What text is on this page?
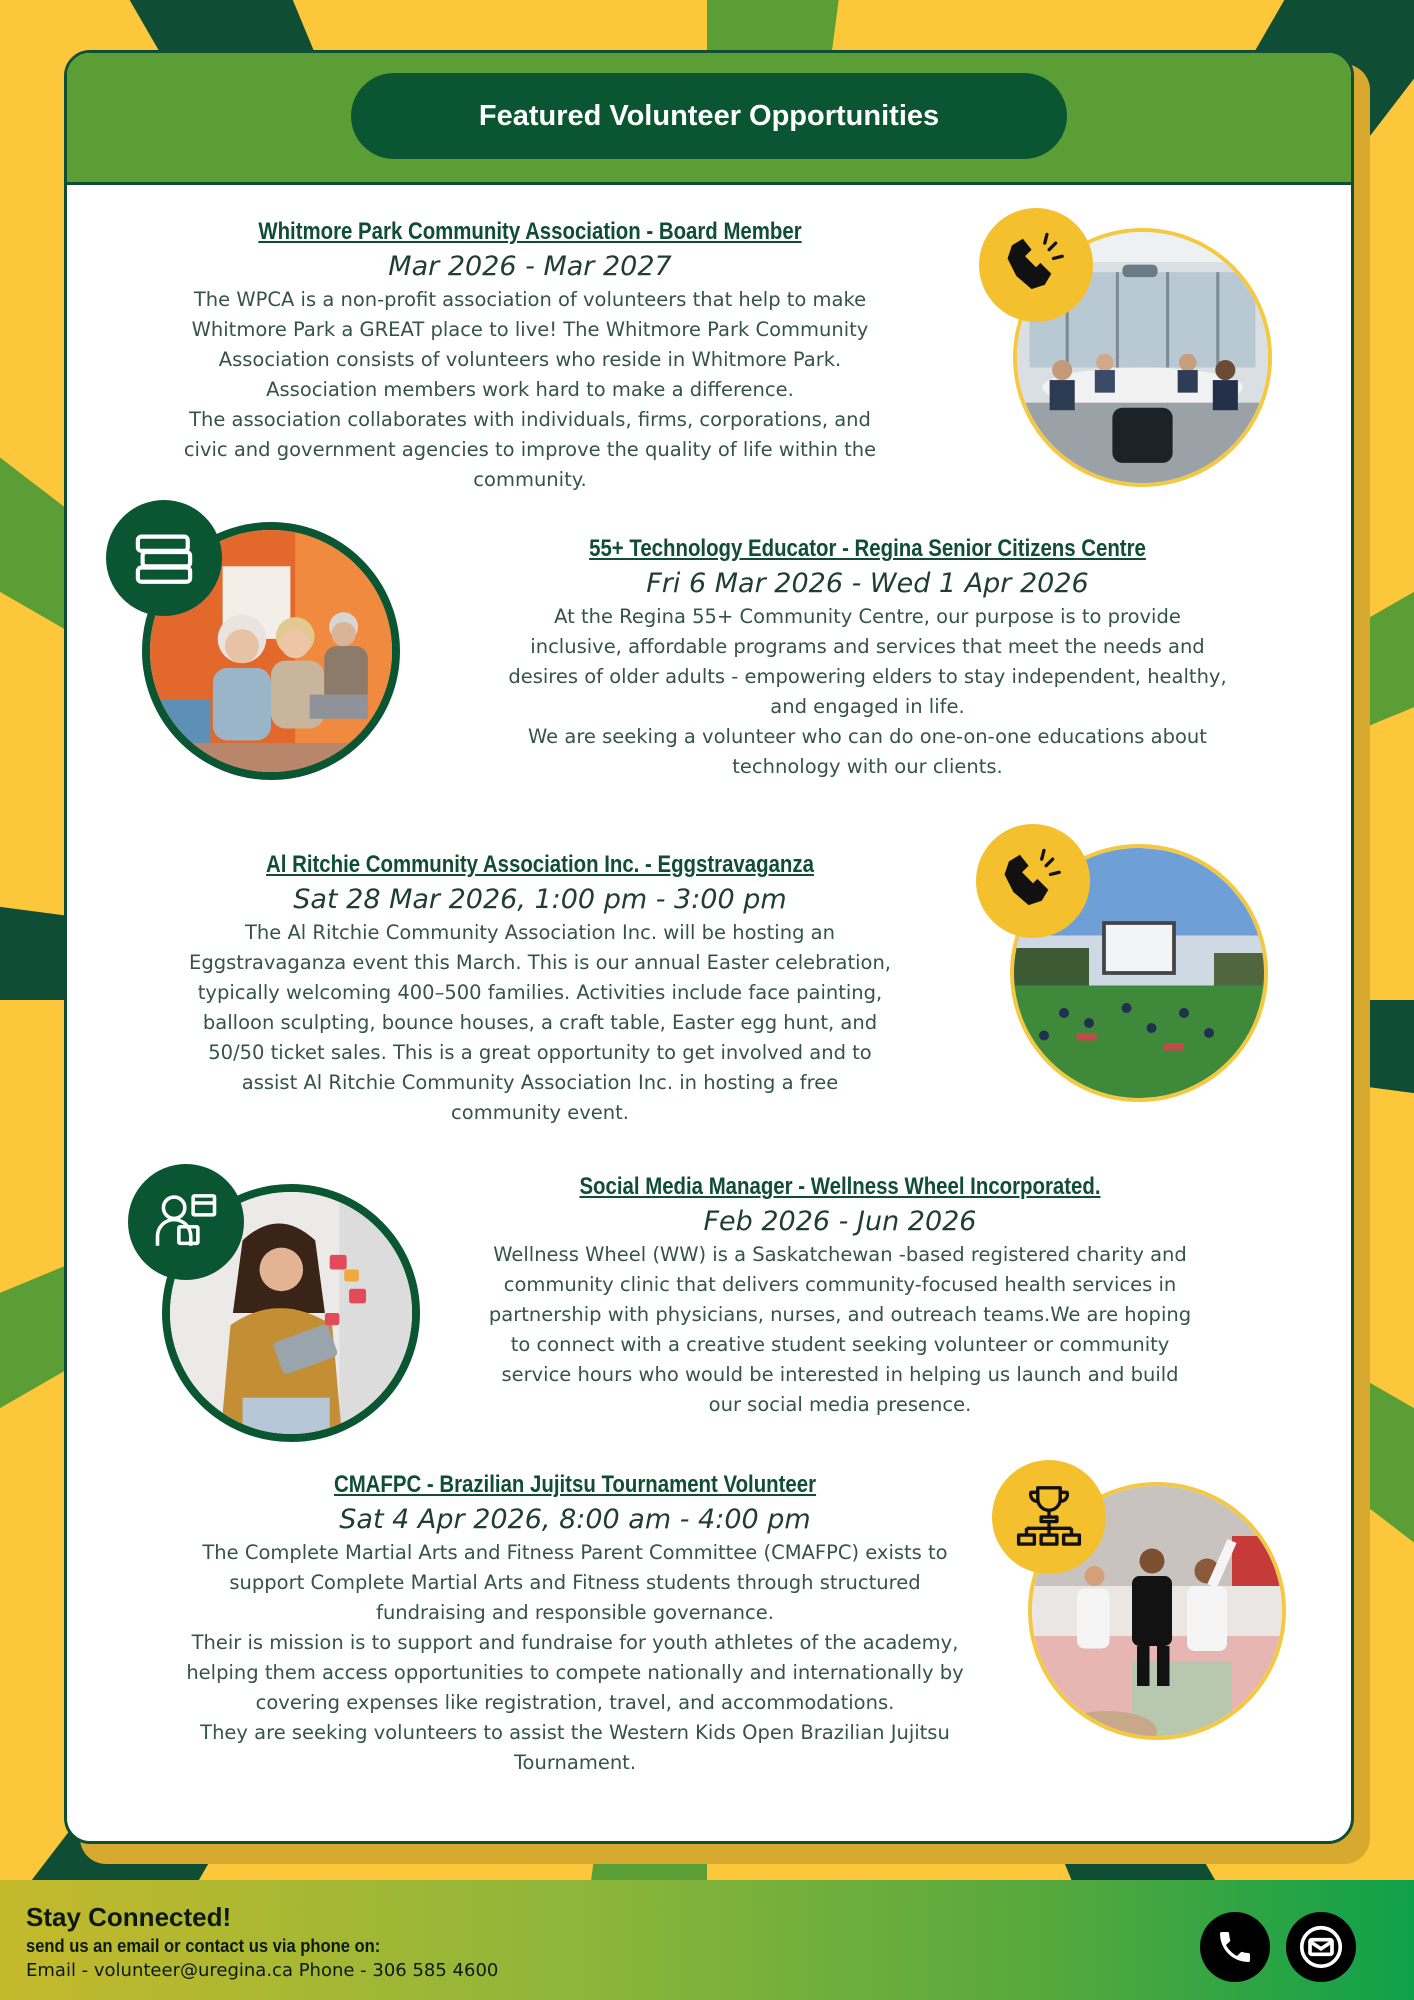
Featured Volunteer Opportunities
Whitmore Park Community Association - Board Member
Mar 2026 - Mar 2027
The WPCA is a non-profit association of volunteers that help to make
Whitmore Park a GREAT place to live! The Whitmore Park Community
Association consists of volunteers who reside in Whitmore Park.
Association members work hard to make a difference.
The association collaborates with individuals, firms, corporations, and
civic and government agencies to improve the quality of life within the
community.
55+ Technology Educator - Regina Senior Citizens Centre
Fri 6 Mar 2026 - Wed 1 Apr 2026
At the Regina 55+ Community Centre, our purpose is to provide
inclusive, affordable programs and services that meet the needs and
desires of older adults - empowering elders to stay independent, healthy,
and engaged in life.
We are seeking a volunteer who can do one-on-one educations about
technology with our clients.
Al Ritchie Community Association Inc. - Eggstravaganza
Sat 28 Mar 2026, 1:00 pm - 3:00 pm
The Al Ritchie Community Association Inc. will be hosting an
Eggstravaganza event this March. This is our annual Easter celebration,
typically welcoming 400–500 families. Activities include face painting,
balloon sculpting, bounce houses, a craft table, Easter egg hunt, and
50/50 ticket sales. This is a great opportunity to get involved and to
assist Al Ritchie Community Association Inc. in hosting a free
community event.
Social Media Manager - Wellness Wheel Incorporated.
Feb 2026 - Jun 2026
Wellness Wheel (WW) is a Saskatchewan -based registered charity and
community clinic that delivers community-focused health services in
partnership with physicians, nurses, and outreach teams.We are hoping
to connect with a creative student seeking volunteer or community
service hours who would be interested in helping us launch and build
our social media presence.
CMAFPC - Brazilian Jujitsu Tournament Volunteer
Sat 4 Apr 2026, 8:00 am - 4:00 pm
The Complete Martial Arts and Fitness Parent Committee (CMAFPC) exists to
support Complete Martial Arts and Fitness students through structured
fundraising and responsible governance.
Their is mission is to support and fundraise for youth athletes of the academy,
helping them access opportunities to compete nationally and internationally by
covering expenses like registration, travel, and accommodations.
They are seeking volunteers to assist the Western Kids Open Brazilian Jujitsu
Tournament.
Stay Connected!
send us an email or contact us via phone on:
Email - volunteer@uregina.ca Phone - 306 585 4600
